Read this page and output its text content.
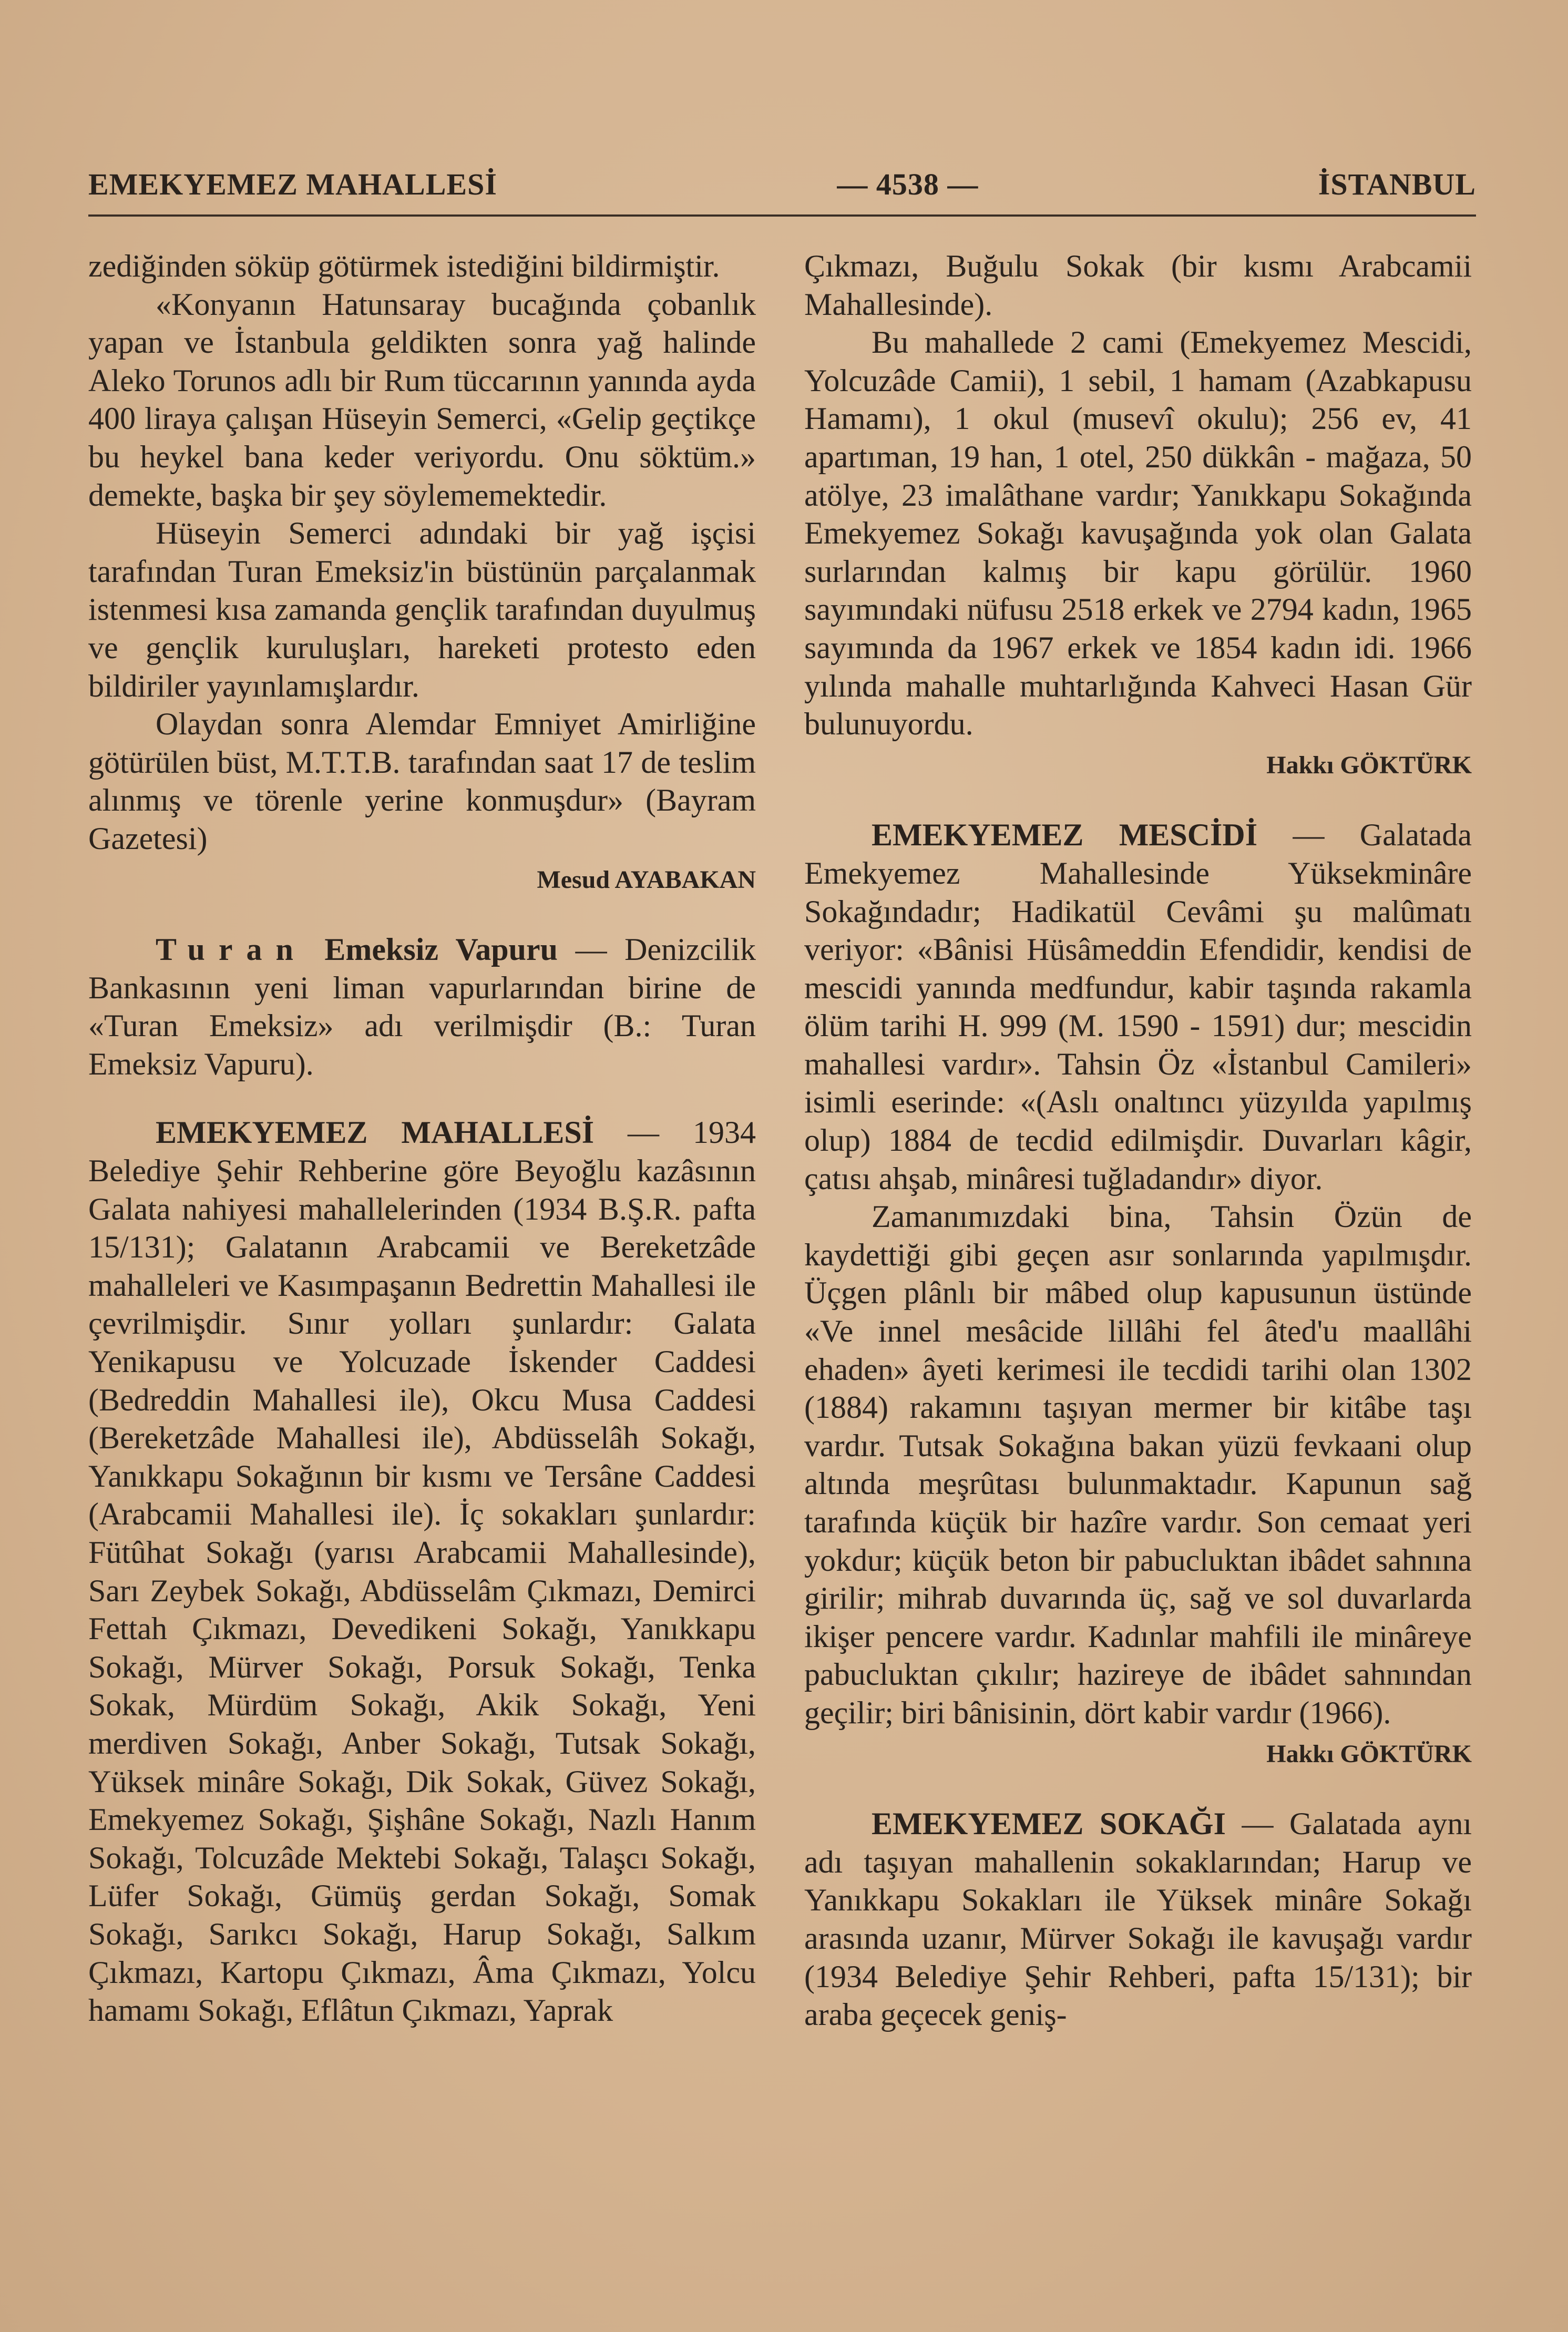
EMEKYEMEZ MAHALLESİ	— 4538 —	İSTANBUL

zediğinden söküp götürmek istediğini bildirmiştir.

«Konyanın Hatunsaray bucağında çobanlık yapan ve İstanbula geldikten sonra yağ halinde Aleko Torunos adlı bir Rum tüccarının yanında ayda 400 liraya çalışan Hüseyin Semerci, «Gelip geçtikçe bu heykel bana keder veriyordu. Onu söktüm.» demekte, başka bir şey söylememektedir.

Hüseyin Semerci adındaki bir yağ işçisi tarafından Turan Emeksiz'in büstünün parçalanmak istenmesi kısa zamanda gençlik tarafından duyulmuş ve gençlik kuruluşları, hareketi protesto eden bildiriler yayınlamışlardır.

Olaydan sonra Alemdar Emniyet Amirliğine götürülen büst, M.T.T.B. tarafından saat 17 de teslim alınmış ve törenle yerine konmuşdur» (Bayram Gazetesi)

Mesud AYABAKAN

Turan Emeksiz Vapuru — Denizcilik Bankasının yeni liman vapurlarından birine de «Turan Emeksiz» adı verilmişdir (B.: Turan Emeksiz Vapuru).

EMEKYEMEZ MAHALLESİ — 1934 Belediye Şehir Rehberine göre Beyoğlu kazâsının Galata nahiyesi mahallelerinden (1934 B.Ş.R. pafta 15/131); Galatanın Arabcamii ve Bereketzâde mahalleleri ve Kasımpaşanın Bedrettin Mahallesi ile çevrilmişdir. Sınır yolları şunlardır: Galata Yenikapusu ve Yolcuzade İskender Caddesi (Bedreddin Mahallesi ile), Okcu Musa Caddesi (Bereketzâde Mahallesi ile), Abdüsselâh Sokağı, Yanıkkapu Sokağının bir kısmı ve Tersâne Caddesi (Arabcamii Mahallesi ile). İç sokakları şunlardır: Fütûhat Sokağı (yarısı Arabcamii Mahallesinde), Sarı Zeybek Sokağı, Abdüsselâm Çıkmazı, Demirci Fettah Çıkmazı, Devedikeni Sokağı, Yanıkkapu Sokağı, Mürver Sokağı, Porsuk Sokağı, Tenka Sokak, Mürdüm Sokağı, Akik Sokağı, Yeni merdiven Sokağı, Anber Sokağı, Tutsak Sokağı, Yüksek minâre Sokağı, Dik Sokak, Güvez Sokağı, Emekyemez Sokağı, Şişhâne Sokağı, Nazlı Hanım Sokağı, Tolcuzâde Mektebi Sokağı, Talaşcı Sokağı, Lüfer Sokağı, Gümüş gerdan Sokağı, Somak Sokağı, Sarıkcı Sokağı, Harup Sokağı, Salkım Çıkmazı, Kartopu Çıkmazı, Âma Çıkmazı, Yolcu hamamı Sokağı, Eflâtun Çıkmazı, Yaprak

Çıkmazı, Buğulu Sokak (bir kısmı Arabcamii Mahallesinde).

Bu mahallede 2 cami (Emekyemez Mescidi, Yolcuzâde Camii), 1 sebil, 1 hamam (Azabkapusu Hamamı), 1 okul (musevî okulu); 256 ev, 41 apartıman, 19 han, 1 otel, 250 dükkân - mağaza, 50 atölye, 23 imalâthane vardır; Yanıkkapu Sokağında Emekyemez Sokağı kavuşağında yok olan Galata surlarından kalmış bir kapu görülür. 1960 sayımındaki nüfusu 2518 erkek ve 2794 kadın, 1965 sayımında da 1967 erkek ve 1854 kadın idi. 1966 yılında mahalle muhtarlığında Kahveci Hasan Gür bulunuyordu.

Hakkı GÖKTÜRK

EMEKYEMEZ MESCİDİ — Galatada Emekyemez Mahallesinde Yüksekminâre Sokağındadır; Hadikatül Cevâmi şu malûmatı veriyor: «Bânisi Hüsâmeddin Efendidir, kendisi de mescidi yanında medfundur, kabir taşında rakamla ölüm tarihi H. 999 (M. 1590 - 1591) dur; mescidin mahallesi vardır». Tahsin Öz «İstanbul Camileri» isimli eserinde: «(Aslı onaltıncı yüzyılda yapılmış olup) 1884 de tecdid edilmişdir. Duvarları kâgir, çatısı ahşab, minâresi tuğladandır» diyor.

Zamanımızdaki bina, Tahsin Özün de kaydettiği gibi geçen asır sonlarında yapılmışdır. Üçgen plânlı bir mâbed olup kapusunun üstünde «Ve innel mesâcide lillâhi fel âted'u maallâhi ehaden» âyeti kerimesi ile tecdidi tarihi olan 1302 (1884) rakamını taşıyan mermer bir kitâbe taşı vardır. Tutsak Sokağına bakan yüzü fevkaani olup altında meşrûtası bulunmaktadır. Kapunun sağ tarafında küçük bir hazîre vardır. Son cemaat yeri yokdur; küçük beton bir pabucluktan ibâdet sahnına girilir; mihrab duvarında üç, sağ ve sol duvarlarda ikişer pencere vardır. Kadınlar mahfili ile minâreye pabucluktan çıkılır; hazireye de ibâdet sahnından geçilir; biri bânisinin, dört kabir vardır (1966).

Hakkı GÖKTÜRK

EMEKYEMEZ SOKAĞI — Galatada aynı adı taşıyan mahallenin sokaklarından; Harup ve Yanıkkapu Sokakları ile Yüksek minâre Sokağı arasında uzanır, Mürver Sokağı ile kavuşağı vardır (1934 Belediye Şehir Rehberi, pafta 15/131); bir araba geçecek geniş-
